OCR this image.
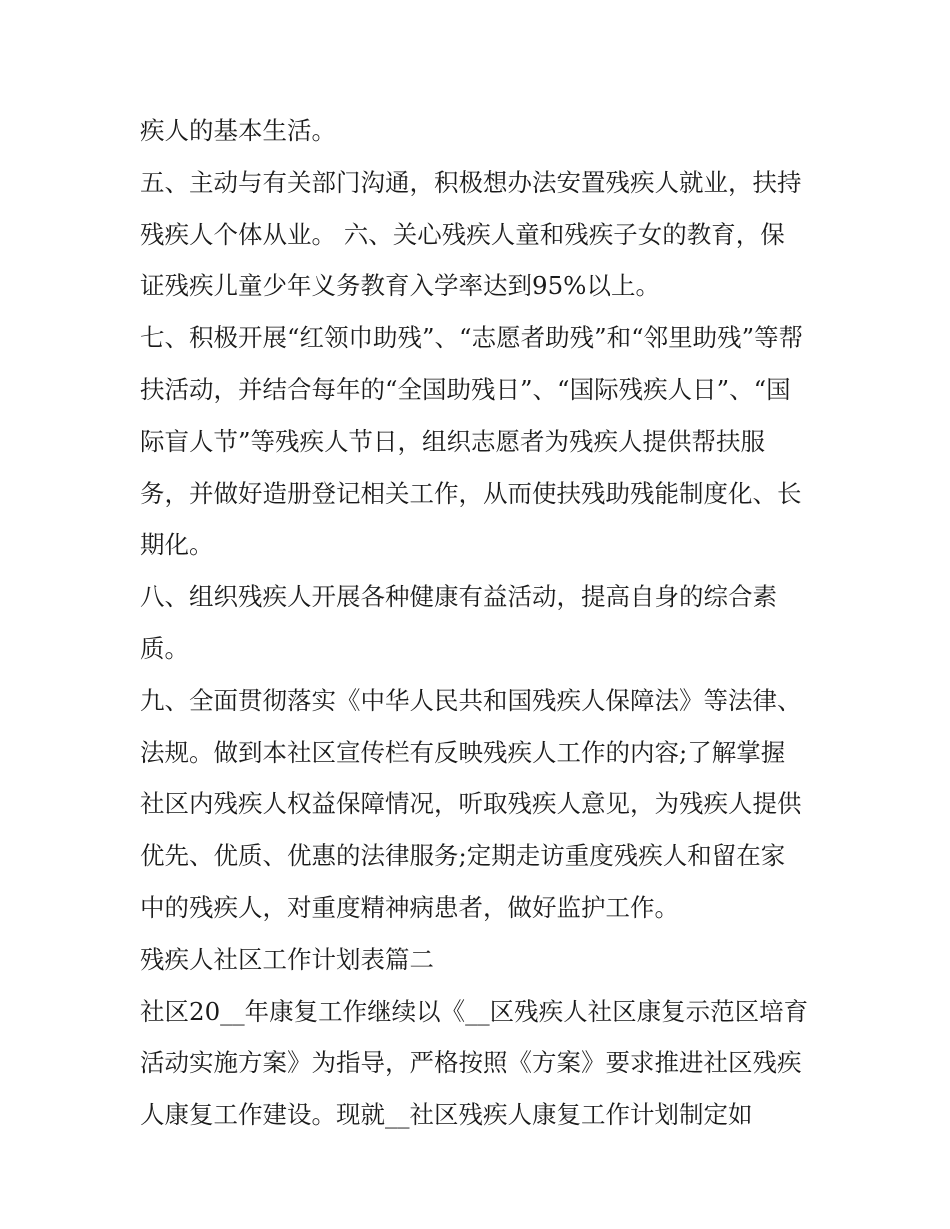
疾人的基本生活。
五、主动与有关部门沟通，积极想办法安置残疾人就业，扶持
残疾人个体从业。 六、关心残疾人童和残疾子女的教育，保
证残疾儿童少年义务教育入学率达到95%以上。
七、积极开展“红领巾助残”、“志愿者助残”和“邻里助残”等帮
扶活动，并结合每年的“全国助残日”、“国际残疾人日”、“国
际盲人节”等残疾人节日，组织志愿者为残疾人提供帮扶服
务，并做好造册登记相关工作，从而使扶残助残能制度化、长
期化。
八、组织残疾人开展各种健康有益活动，提高自身的综合素
质。
九、全面贯彻落实《中华人民共和国残疾人保障法》等法律、
法规。做到本社区宣传栏有反映残疾人工作的内容;了解掌握
社区内残疾人权益保障情况，听取残疾人意见，为残疾人提供
优先、优质、优惠的法律服务;定期走访重度残疾人和留在家
中的残疾人，对重度精神病患者，做好监护工作。
残疾人社区工作计划表篇二
社区20__年康复工作继续以《__区残疾人社区康复示范区培育
活动实施方案》为指导，严格按照《方案》要求推进社区残疾
人康复工作建设。现就__社区残疾人康复工作计划制定如
